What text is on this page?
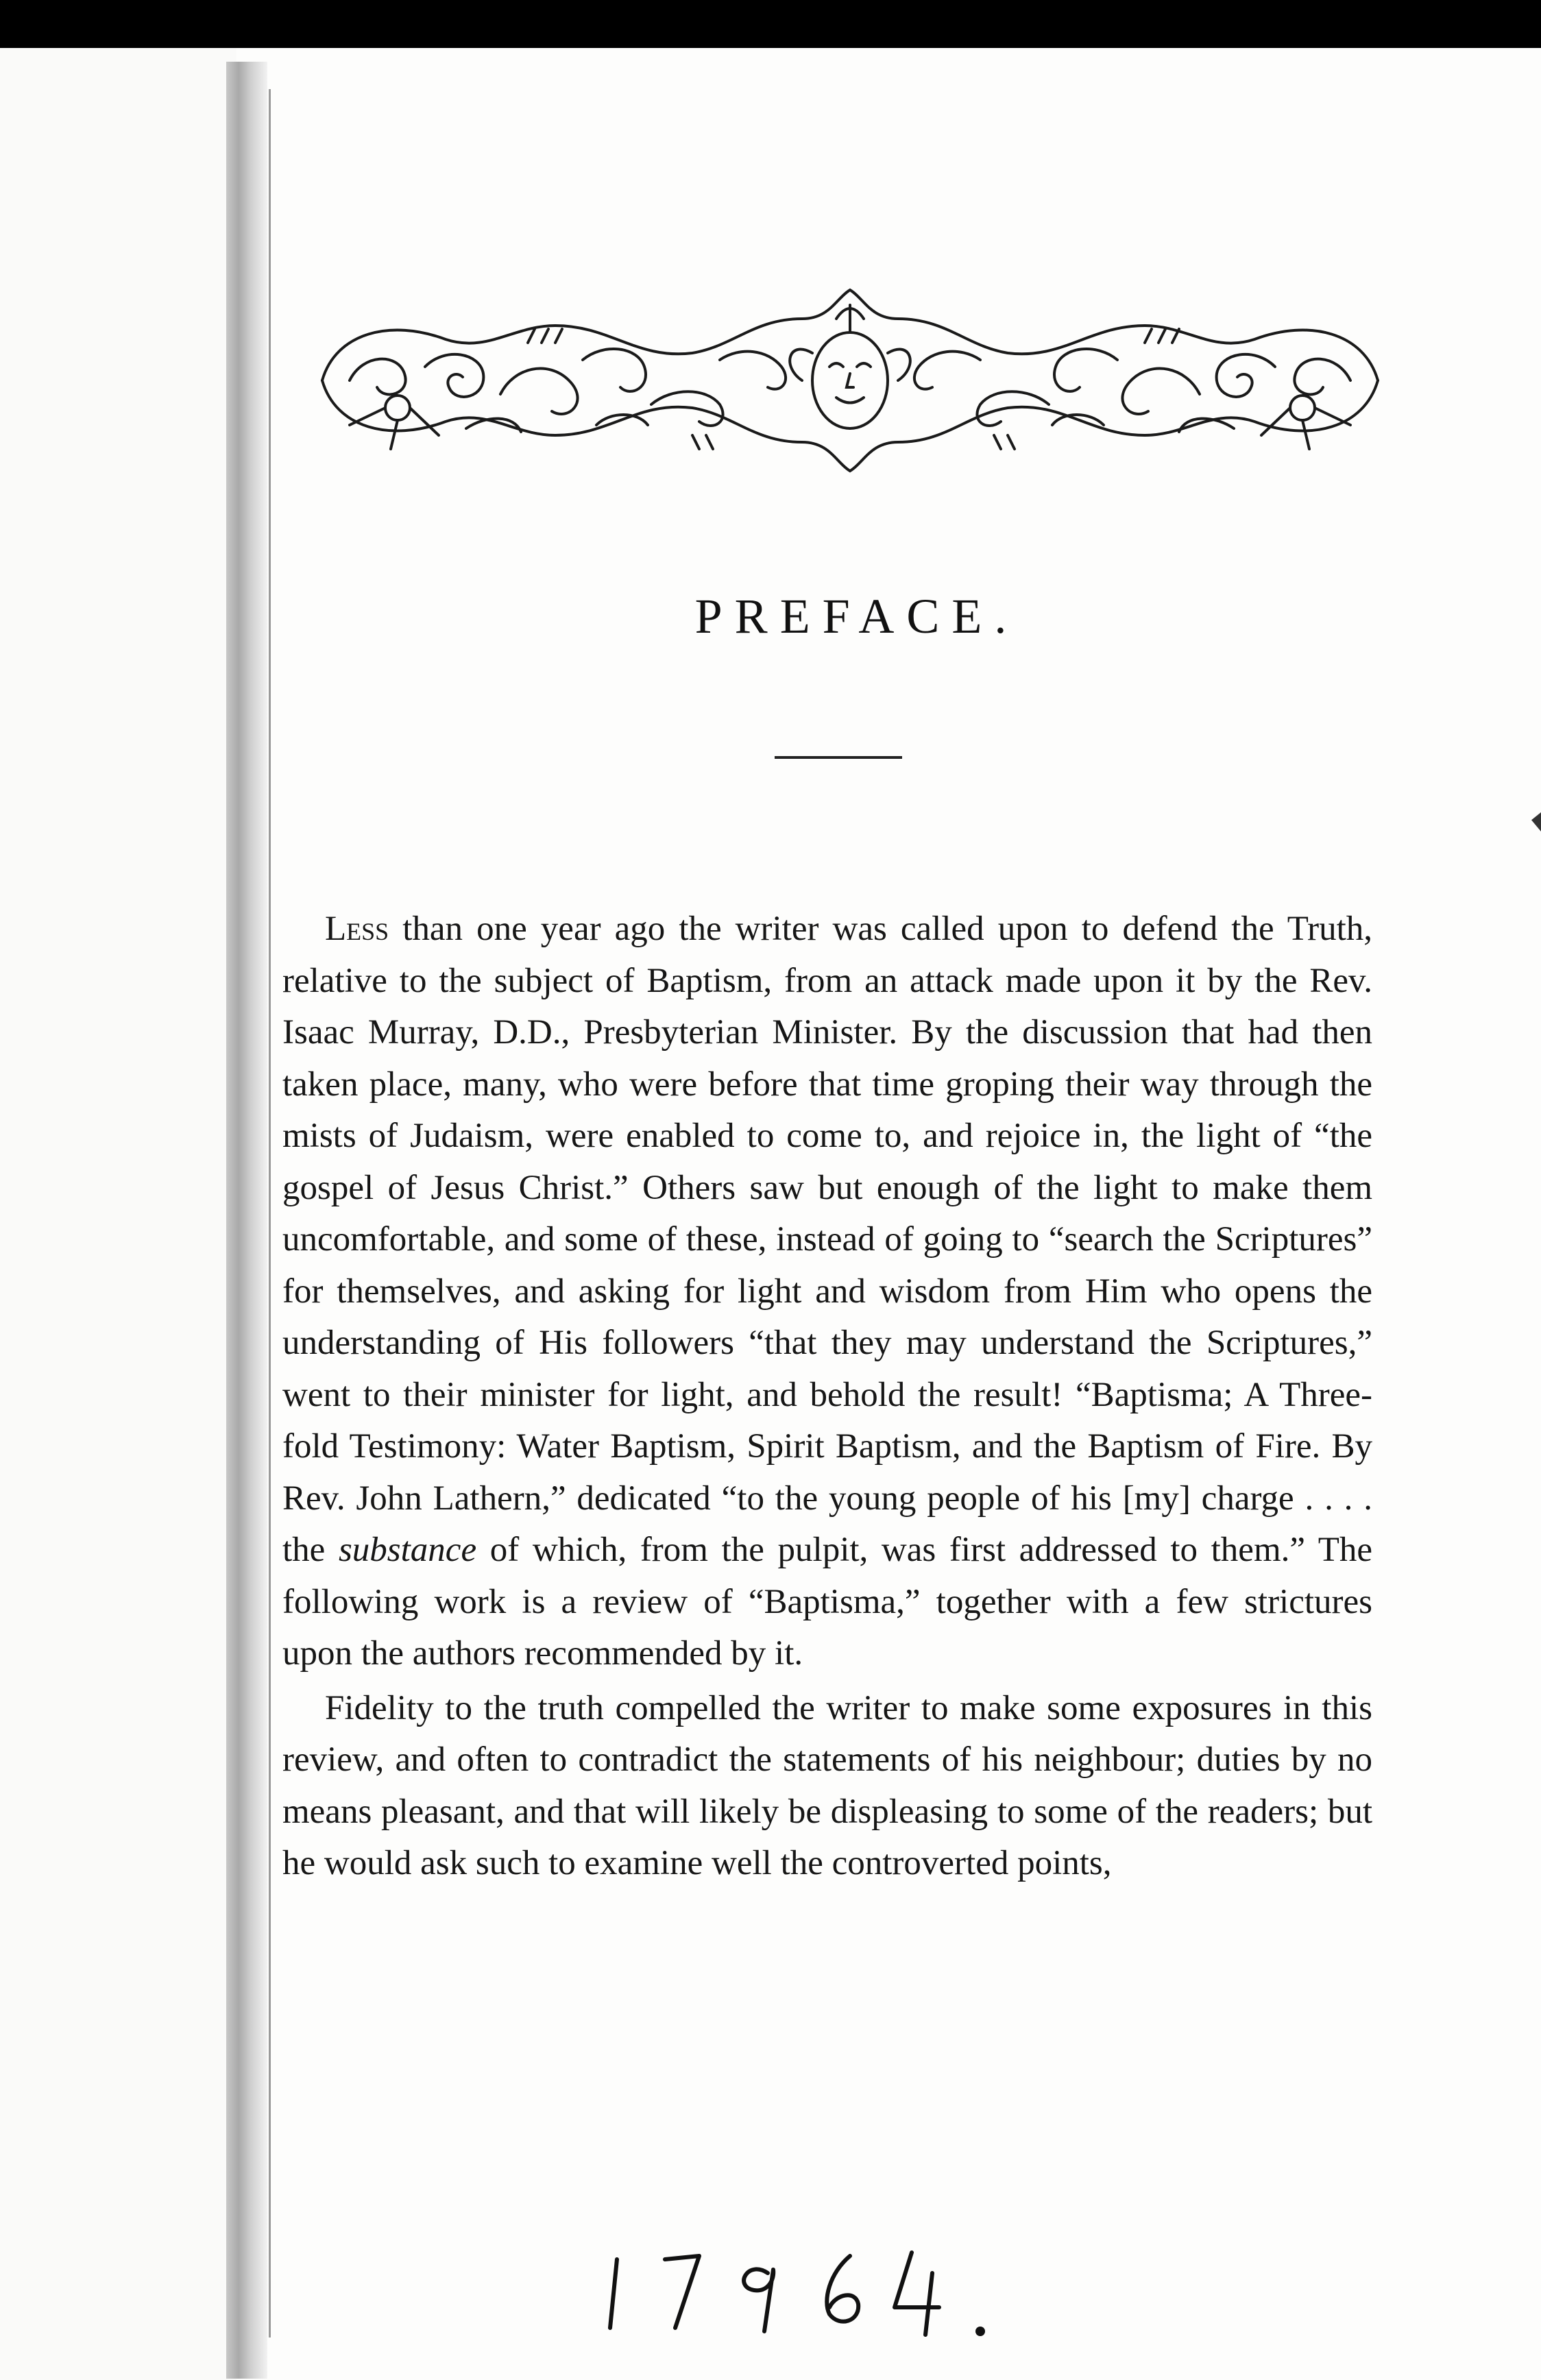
PREFACE.

Less than one year ago the writer was called upon to defend the Truth, relative to the subject of Baptism, from an attack made upon it by the Rev. Isaac Murray, D.D., Presbyterian Minister. By the discussion that had then taken place, many, who were before that time groping their way through the mists of Judaism, were enabled to come to, and rejoice in, the light of “the gospel of Jesus Christ.” Others saw but enough of the light to make them uncomfortable, and some of these, instead of going to “search the Scriptures” for themselves, and asking for light and wisdom from Him who opens the understanding of His followers “that they may understand the Scriptures,” went to their minister for light, and behold the result! “Baptisma; A Three-fold Testimony: Water Baptism, Spirit Baptism, and the Baptism of Fire. By Rev. John Lathern,” dedicated “to the young people of his [my] charge . . . . the substance of which, from the pulpit, was first addressed to them.” The following work is a review of “Baptisma,” together with a few strictures upon the authors recommended by it.

Fidelity to the truth compelled the writer to make some exposures in this review, and often to contradict the statements of his neighbour; duties by no means pleasant, and that will likely be displeasing to some of the readers; but he would ask such to examine well the controverted points,
